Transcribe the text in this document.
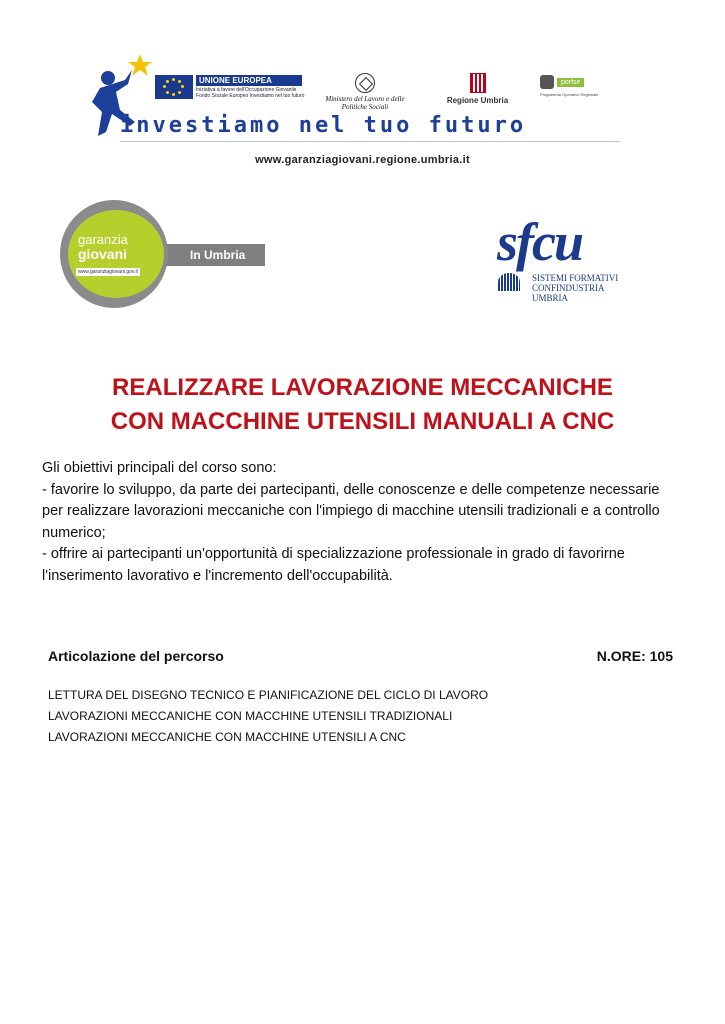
UNIONE EUROPEA
Iniziativa a favore dell'Occupazione Giovanile Fondo Sociale Europeo Investiamo nel tuo futuro	Ministero del Lavoro e delle Politiche Sociali
Regione Umbria
porfse
Programma Operativo Regionale
investiamo nel tuo futuro
www.garanziagiovani.regione.umbria.it
In Umbria
garanzia
giovani
www.garanziagiovani.gov.it	sfcu
SISTEMI FORMATIVI
CONFINDUSTRIA UMBRIA
REALIZZARE LAVORAZIONE MECCANICHE
CON MACCHINE UTENSILI MANUALI A CNC

Gli obiettivi principali del corso sono:

- favorire lo sviluppo, da parte dei partecipanti, delle conoscenze e delle competenze necessarie per realizzare lavorazioni meccaniche con l'impiego di macchine utensili tradizionali e a controllo numerico;

- offrire ai partecipanti un'opportunità di specializzazione professionale in grado di favorirne l'inserimento lavorativo e l'incremento dell'occupabilità.

Articolazione del percorso	N.ORE: 105
LETTURA DEL DISEGNO TECNICO E PIANIFICAZIONE DEL CICLO DI LAVORO
LAVORAZIONI MECCANICHE CON MACCHINE UTENSILI TRADIZIONALI
LAVORAZIONI MECCANICHE CON MACCHINE UTENSILI A CNC
